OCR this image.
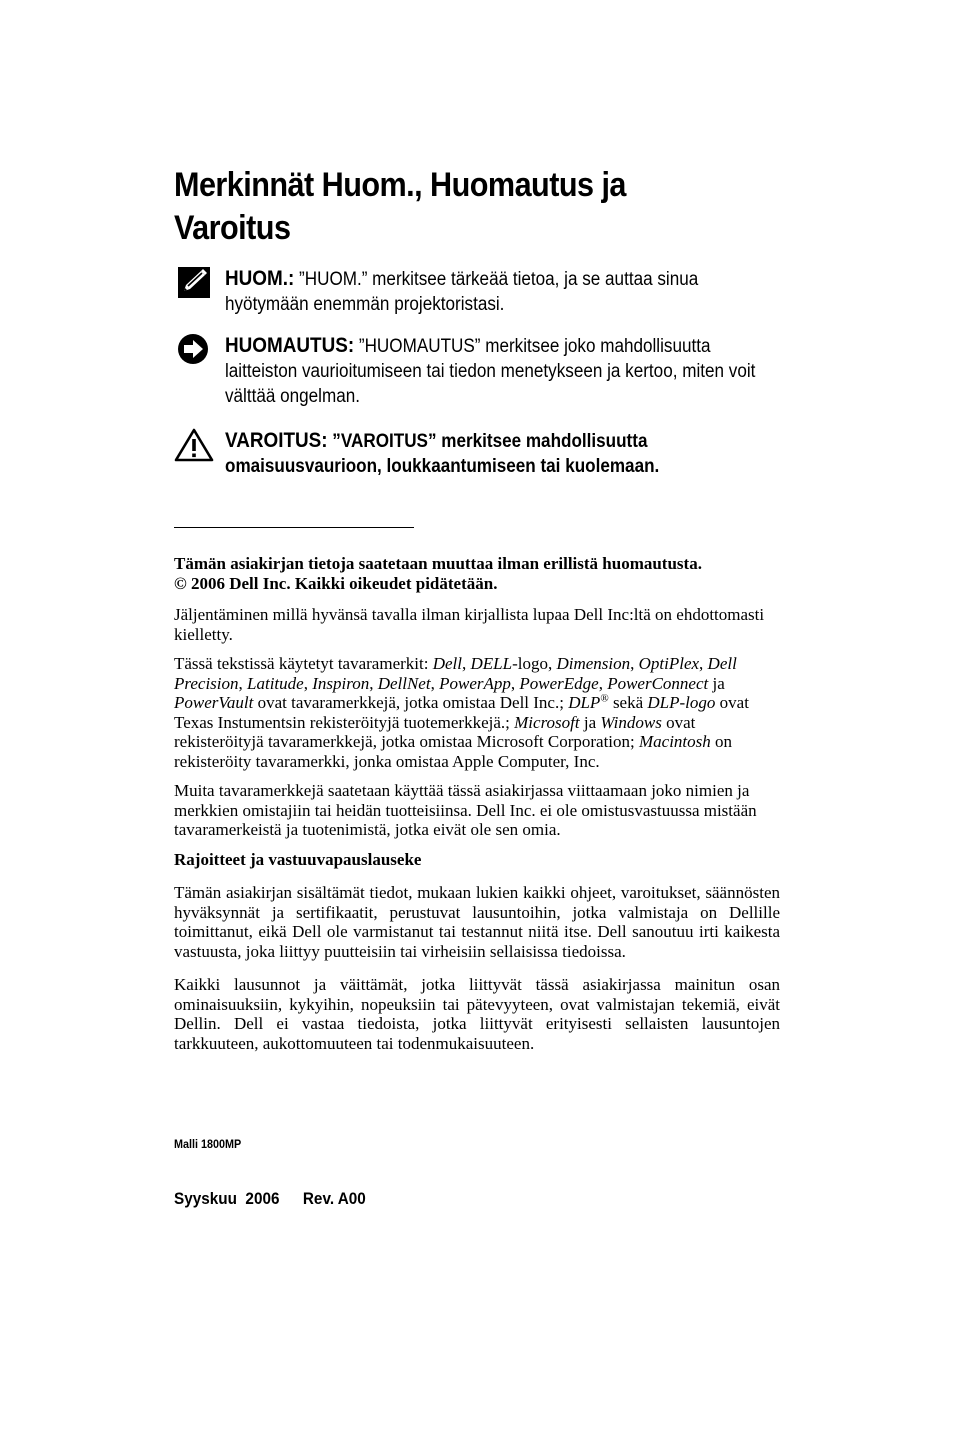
Merkinnät Huom., Huomautus ja Varoitus
HUOM.: ”HUOM.” merkitsee tärkeää tietoa, ja se auttaa sinua hyötymään enemmän projektoristasi.
HUOMAUTUS: ”HUOMAUTUS” merkitsee joko mahdollisuutta laitteiston vaurioitumiseen tai tiedon menetykseen ja kertoo, miten voit välttää ongelman.
VAROITUS: ”VAROITUS” merkitsee mahdollisuutta omaisuusvaurioon, loukkaantumiseen tai kuolemaan.

Tämän asiakirjan tietoja saatetaan muuttaa ilman erillistä huomautusta.
© 2006 Dell Inc. Kaikki oikeudet pidätetään.

Jäljentäminen millä hyvänsä tavalla ilman kirjallista lupaa Dell Inc:ltä on ehdottomasti kielletty.

Tässä tekstissä käytetyt tavaramerkit: Dell, DELL-logo, Dimension, OptiPlex, Dell Precision, Latitude, Inspiron, DellNet, PowerApp, PowerEdge, PowerConnect ja PowerVault ovat tavaramerkkejä, jotka omistaa Dell Inc.; DLP® sekä DLP-logo ovat Texas Instumentsin rekisteröityjä tuotemerkkejä.; Microsoft ja Windows ovat rekisteröityjä tavaramerkkejä, jotka omistaa Microsoft Corporation; Macintosh on rekisteröity tavaramerkki, jonka omistaa Apple Computer, Inc.

Muita tavaramerkkejä saatetaan käyttää tässä asiakirjassa viittaamaan joko nimien ja merkkien omistajiin tai heidän tuotteisiinsa. Dell Inc. ei ole omistusvastuussa mistään tavaramerkeistä ja tuotenimistä, jotka eivät ole sen omia.

Rajoitteet ja vastuuvapauslauseke

Tämän asiakirjan sisältämät tiedot, mukaan lukien kaikki ohjeet, varoitukset, säännösten hyväksynnät ja sertifikaatit, perustuvat lausuntoihin, jotka valmistaja on Dellille toimittanut, eikä Dell ole varmistanut tai testannut niitä itse. Dell sanoutuu irti kaikesta vastuusta, joka liittyy puutteisiin tai virheisiin sellaisissa tiedoissa.

Kaikki lausunnot ja väittämät, jotka liittyvät tässä asiakirjassa mainitun osan ominaisuuksiin, kykyihin, nopeuksiin tai pätevyyteen, ovat valmistajan tekemiä, eivät Dellin. Dell ei vastaa tiedoista, jotka liittyvät erityisesti sellaisten lausuntojen tarkkuuteen, aukottomuuteen tai todenmukaisuuteen.

Malli 1800MP
Syyskuu  2006 Rev. A00
